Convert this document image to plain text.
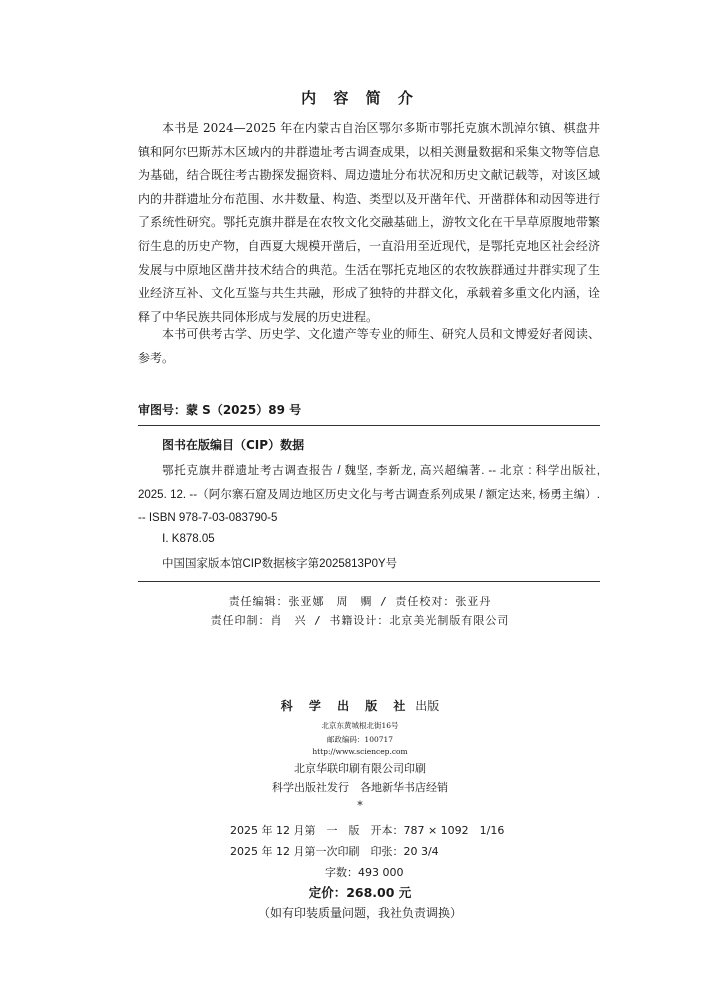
内 容 简 介
本书是 2024—2025 年在内蒙古自治区鄂尔多斯市鄂托克旗木凯淖尔镇、棋盘井镇和阿尔巴斯苏木区域内的井群遗址考古调查成果，以相关测量数据和采集文物等信息为基础，结合既往考古勘探发掘资料、周边遗址分布状况和历史文献记载等，对该区域内的井群遗址分布范围、水井数量、构造、类型以及开凿年代、开凿群体和动因等进行了系统性研究。鄂托克旗井群是在农牧文化交融基础上，游牧文化在干旱草原腹地带繁衍生息的历史产物，自西夏大规模开凿后，一直沿用至近现代，是鄂托克地区社会经济发展与中原地区凿井技术结合的典范。生活在鄂托克地区的农牧族群通过井群实现了生业经济互补、文化互鉴与共生共融，形成了独特的井群文化，承载着多重文化内涵，诠释了中华民族共同体形成与发展的历史进程。
本书可供考古学、历史学、文化遗产等专业的师生、研究人员和文博爱好者阅读、参考。
审图号：蒙 S（2025）89 号
图书在版编目（CIP）数据
鄂托克旗井群遗址考古调查报告 / 魏坚, 李新龙, 高兴超编著. -- 北京 : 科学出版社, 2025. 12. --（阿尔寨石窟及周边地区历史文化与考古调查系列成果 / 额定达来, 杨勇主编）. -- ISBN 978-7-03-083790-5
Ⅰ. K878.05
中国国家版本馆CIP数据核字第2025813P0Y号
责任编辑：张亚娜　周　赒 / 责任校对：张亚丹
责任印制：肖　兴 / 书籍设计：北京美光制版有限公司
科 学 出 版 社 出版
北京东黄城根北街16号
邮政编码：100717
http://www.sciencep.com
北京华联印刷有限公司印刷
科学出版社发行　各地新华书店经销
*
2025 年 12 月第　一　版　开本：787 × 1092　1/16
2025 年 12 月第一次印刷　印张：20 3/4
字数：493 000
定价：268.00 元
（如有印装质量问题，我社负责调换）
